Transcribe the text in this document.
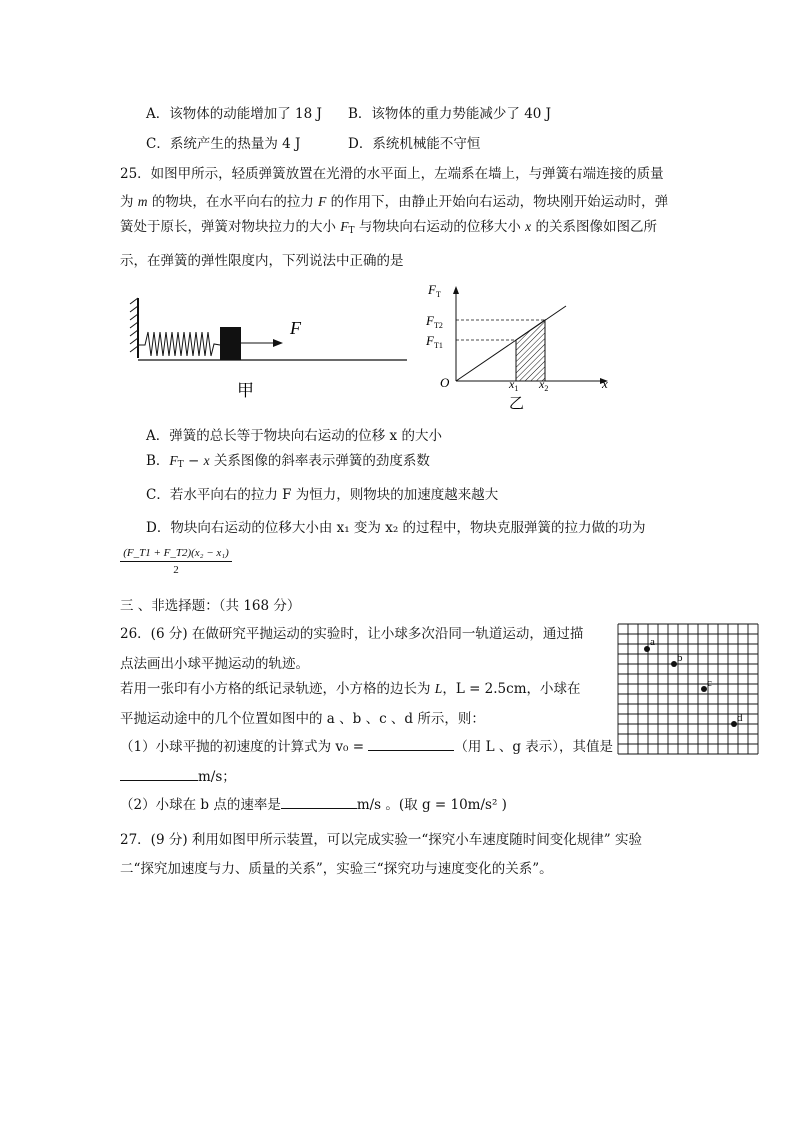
A．该物体的动能增加了 18 J B．该物体的重力势能减少了 40 J
C．系统产生的热量为 4 J	D．系统机械能不守恒
25．如图甲所示，轻质弹簧放置在光滑的水平面上，左端系在墙上，与弹簧右端连接的质量
为 m 的物块，在水平向右的拉力 F 的作用下，由静止开始向右运动，物块刚开始运动时，弹
簧处于原长，弹簧对物块拉力的大小 $F_T$ 与物块向右运动的位移大小 x 的关系图像如图乙所
示，在弹簧的弹性限度内，下列说法中正确的是
F
甲
$F_T$
$F_{T2}$
$F_{T1}$
O	$x_1$ $x_2$	x
乙
A．弹簧的总长等于物块向右运动的位移 x 的大小
B．$F_T - x$ 关系图像的斜率表示弹簧的劲度系数
C．若水平向右的拉力 F 为恒力，则物块的加速度越来越大
D．物块向右运动的位移大小由 x₁ 变为 x₂ 的过程中，物块克服弹簧的拉力做的功为
$\frac{\text{(F\_T1 + F\_T2)(x₂ − x₁)}}{2}$
三 、非选择题：（共 168 分）
26．(6 分) 在做研究平抛运动的实验时，让小球多次沿同一轨道运动，通过描
点法画出小球平抛运动的轨迹。
若用一张印有小方格的纸记录轨迹，小方格的边长为 L，L = 2.5cm，小球在
平抛运动途中的几个位置如图中的 a 、b 、c 、d 所示，则：
（1）小球平抛的初速度的计算式为 v₀ =	（用 L 、g 表示），其值是
m/s；
（2）小球在 b 点的速率是	m/s 。(取 g = 10m/s² )
a
b
c
d
27．(9 分) 利用如图甲所示装置，可以完成实验一“探究小车速度随时间变化规律” 实验
二“探究加速度与力、质量的关系”，实验三“探究功与速度变化的关系”。
